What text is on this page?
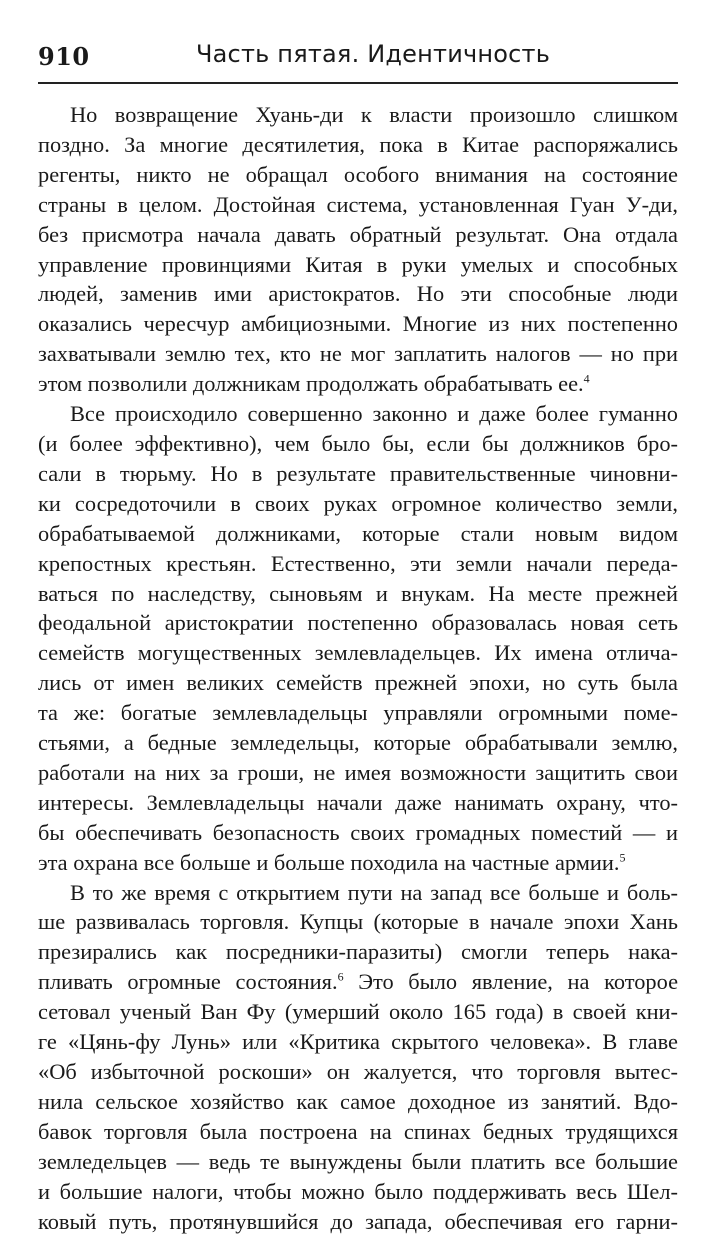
910	Часть пятая. Идентичность
Но возвращение Хуань-ди к власти произошло слишком
поздно. За многие десятилетия, пока в Китае распоряжались
регенты, никто не обращал особого внимания на состояние
страны в целом. Достойная система, установленная Гуан У-ди,
без присмотра начала давать обратный результат. Она отдала
управление провинциями Китая в руки умелых и способных
людей, заменив ими аристократов. Но эти способные люди
оказались чересчур амбициозными. Многие из них постепенно
захватывали землю тех, кто не мог заплатить налогов — но при
этом позволили должникам продолжать обрабатывать ее.$^4$
Все происходило совершенно законно и даже более гуманно
(и более эффективно), чем было бы, если бы должников бро-
сали в тюрьму. Но в результате правительственные чиновни-
ки сосредоточили в своих руках огромное количество земли,
обрабатываемой должниками, которые стали новым видом
крепостных крестьян. Естественно, эти земли начали переда-
ваться по наследству, сыновьям и внукам. На месте прежней
феодальной аристократии постепенно образовалась новая сеть
семейств могущественных землевладельцев. Их имена отлича-
лись от имен великих семейств прежней эпохи, но суть была
та же: богатые землевладельцы управляли огромными поме-
стьями, а бедные земледельцы, которые обрабатывали землю,
работали на них за гроши, не имея возможности защитить свои
интересы. Землевладельцы начали даже нанимать охрану, что-
бы обеспечивать безопасность своих громадных поместий — и
эта охрана все больше и больше походила на частные армии.$^5$
В то же время с открытием пути на запад все больше и боль-
ше развивалась торговля. Купцы (которые в начале эпохи Хань
презирались как посредники-паразиты) смогли теперь нака-
пливать огромные состояния.$^6$ Это было явление, на которое
сетовал ученый Ван Фу (умерший около 165 года) в своей кни-
ге «Цянь-фу Лунь» или «Критика скрытого человека». В главе
«Об избыточной роскоши» он жалуется, что торговля вытес-
нила сельское хозяйство как самое доходное из занятий. Вдо-
бавок торговля была построена на спинах бедных трудящихся
земледельцев — ведь те вынуждены были платить все большие
и большие налоги, чтобы можно было поддерживать весь Шел-
ковый путь, протянувшийся до запада, обеспечивая его гарни-
